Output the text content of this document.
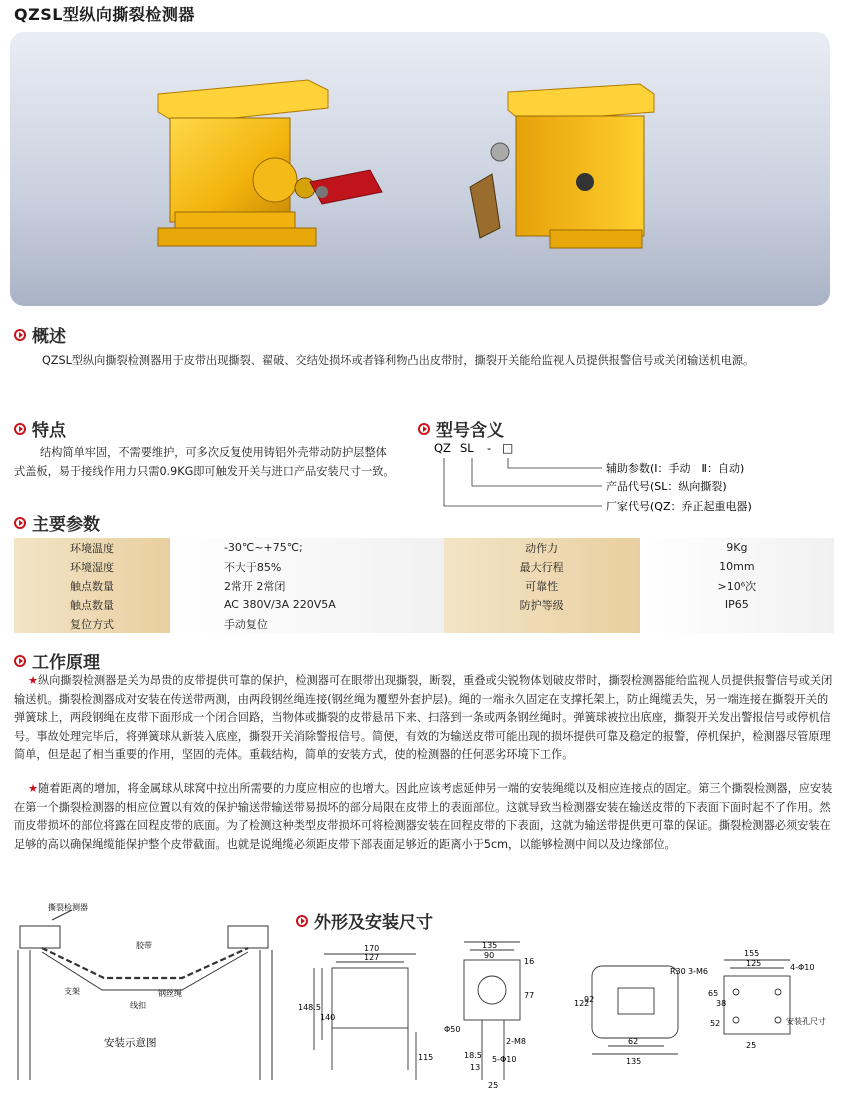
QZSL型纵向撕裂检测器
概述
QZSL型纵向撕裂检测器用于皮带出现撕裂、翟破、交结处损坏或者锋利物凸出皮带肘，撕裂开关能给监视人员提供报警信号或关闭输送机电源。
特点
结构简单牢固，不需要维护，可多次反复使用铸铝外壳带动防护层整体式盖板，易于接线作用力只需0.9KG即可触发开关与进口产品安装尺寸一致。
型号含义
QZ SL - □
辅助参数(Ⅰ：手动　Ⅱ：自动)
产品代号(SL：纵向撕裂)
厂家代号(QZ：乔正起重电器)
主要参数
环境温度	-30℃~+75℃;	动作力	9Kg
环境湿度	不大于85%	最大行程	10mm
触点数量	2常开 2常闭	可靠性	>10⁶次
触点数量	AC 380V/3A 220V5A	防护等级	IP65
复位方式	手动复位		
工作原理
★纵向撕裂检测器是关为昂贵的皮带提供可靠的保护，检测器可在眼带出现撕裂，断裂，重叠或尖锐物体划破皮带时，撕裂检测器能给监视人员提供报警信号或关闭输送机。撕裂检测器成对安装在传送带两测，由两段钢丝绳连接(钢丝绳为覆塑外套护层)。绳的一端永久固定在支撑托架上，防止绳缆丢失，另一端连接在撕裂开关的弹簧球上，两段钢绳在皮带下面形成一个闭合回路，当物体或撕裂的皮带悬吊下来、扫落到一条或两条钢丝绳时。弹簧球被拉出底座，撕裂开关发出警报信号或停机信号。事故处理完毕后，将弹簧球从新装入底座，撕裂开关消除警报信号。简便，有效的为输送皮带可能出现的损坏提供可靠及稳定的报警，停机保护，检测器尽管原理简单，但是起了相当重要的作用，坚固的壳体。重载结构，简单的安装方式，使的检测器的任何恶劣环境下工作。
★随着距离的增加，将金属球从球窝中拉出所需要的力度应相应的也增大。因此应该考虑延伸另一端的安装绳缆以及相应连接点的固定。第三个撕裂检测器，应安装在第一个撕裂检测器的相应位置以有效的保护输送带输送带易损坏的部分局限在皮带上的表面部位。这就导致当检测器安装在输送皮带的下表面下面时起不了作用。然而皮带损坏的部位将露在回程皮带的底面。为了检测这种类型皮带损坏可将检测器安装在回程皮带的下表面，这就为输送带提供更可靠的保证。撕裂检测器必须安装在足够的高以确保绳缆能保护整个皮带截面。也就是说绳缆必须距皮带下部表面足够近的距离小于5cm，以能够检测中间以及边缘部位。
撕裂检测器
胶带
支架	钢丝绳
线扣
安装示意图
外形及安装尺寸
170
127
148.5
140
115
135
90
16
77
Φ50
2-M8
18.5
13
5-Φ10
25
R30 3-M6
122
92
62
135
155
125	4-Φ10
65
38
52
25
安装孔尺寸
